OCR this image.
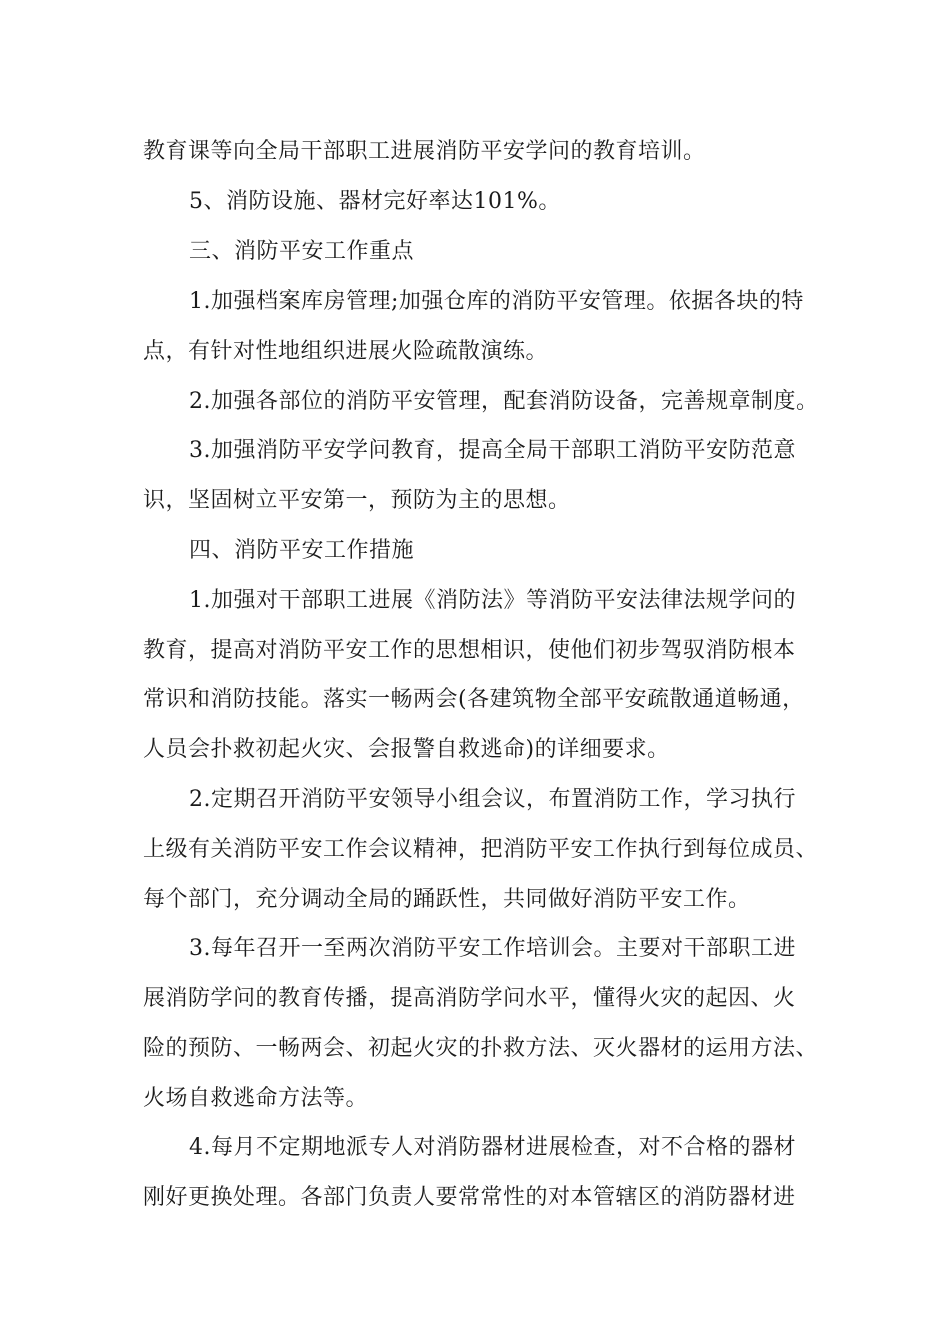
教育课等向全局干部职工进展消防平安学问的教育培训。
5、消防设施、器材完好率达101%。
三、消防平安工作重点
1.加强档案库房管理;加强仓库的消防平安管理。依据各块的特
点，有针对性地组织进展火险疏散演练。
2.加强各部位的消防平安管理，配套消防设备，完善规章制度。
3.加强消防平安学问教育，提高全局干部职工消防平安防范意
识，坚固树立平安第一，预防为主的思想。
四、消防平安工作措施
1.加强对干部职工进展《消防法》等消防平安法律法规学问的
教育，提高对消防平安工作的思想相识，使他们初步驾驭消防根本
常识和消防技能。落实一畅两会(各建筑物全部平安疏散通道畅通，
人员会扑救初起火灾、会报警自救逃命)的详细要求。
2.定期召开消防平安领导小组会议，布置消防工作，学习执行
上级有关消防平安工作会议精神，把消防平安工作执行到每位成员、
每个部门，充分调动全局的踊跃性，共同做好消防平安工作。
3.每年召开一至两次消防平安工作培训会。主要对干部职工进
展消防学问的教育传播，提高消防学问水平，懂得火灾的起因、火
险的预防、一畅两会、初起火灾的扑救方法、灭火器材的运用方法、
火场自救逃命方法等。
4.每月不定期地派专人对消防器材进展检查，对不合格的器材
刚好更换处理。各部门负责人要常常性的对本管辖区的消防器材进
